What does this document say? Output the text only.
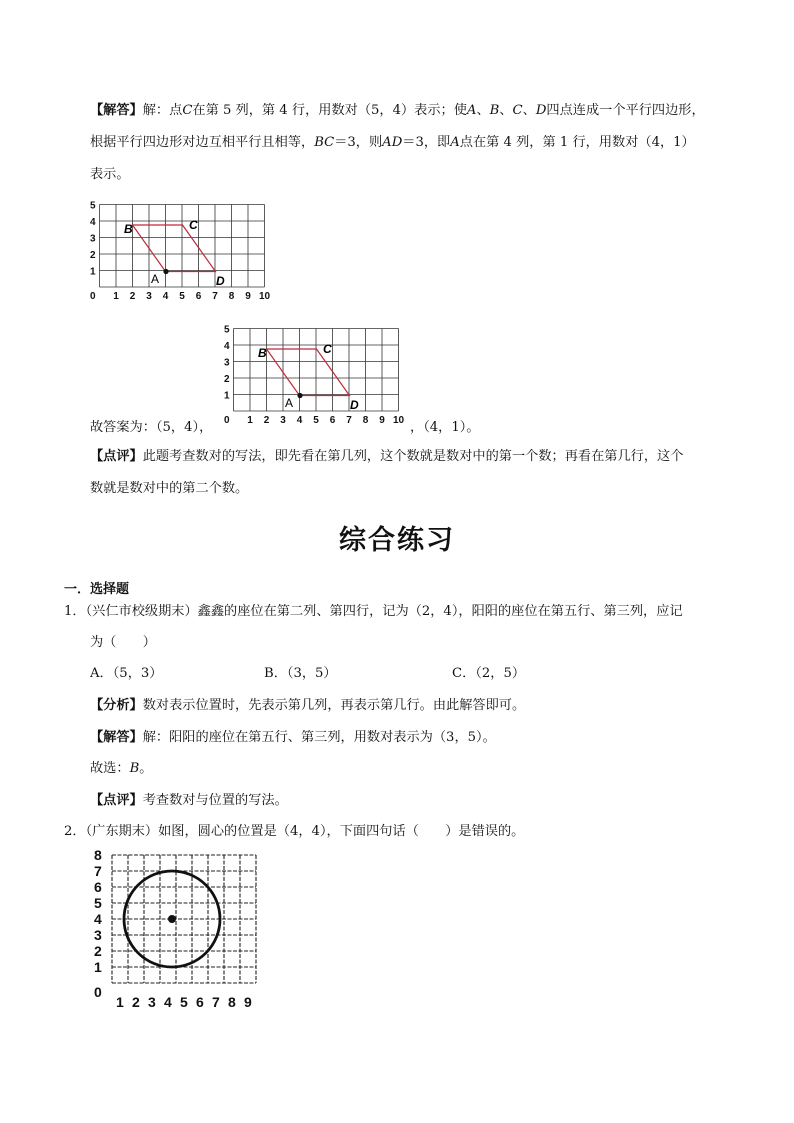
【解答】解：点C在第 5 列，第 4 行，用数对（5，4）表示；使A、B、C、D四点连成一个平行四边形，
根据平行四边形对边互相平行且相等，BC＝3，则AD＝3，即A点在第 4 列，第 1 行，用数对（4，1）
表示。
0
1
2
3
4
5
1 2 3 4 5 6 7 8 9 10
B	C
D
A
0
1
2
3
4
5
1 2 3 4 5 6 7 8 9 10
B	C
D
A
故答案为：（5，4），	，（4，1）。
【点评】此题考查数对的写法，即先看在第几列，这个数就是数对中的第一个数；再看在第几行，这个
数就是数对中的第二个数。
综合练习
一．选择题
1．（兴仁市校级期末）鑫鑫的座位在第二列、第四行，记为（2，4），阳阳的座位在第五行、第三列，应记
为（　　）
A．（5，3）	B．（3，5）	C．（2，5）
【分析】数对表示位置时，先表示第几列，再表示第几行。由此解答即可。
【解答】解：阳阳的座位在第五行、第三列，用数对表示为（3，5）。
故选：B。
【点评】考查数对与位置的写法。
2．（广东期末）如图，圆心的位置是（4，4），下面四句话（　　）是错误的。
0
1
2
3
4
5
6
7
8
1 2 3 4 5 6 7 8 9
